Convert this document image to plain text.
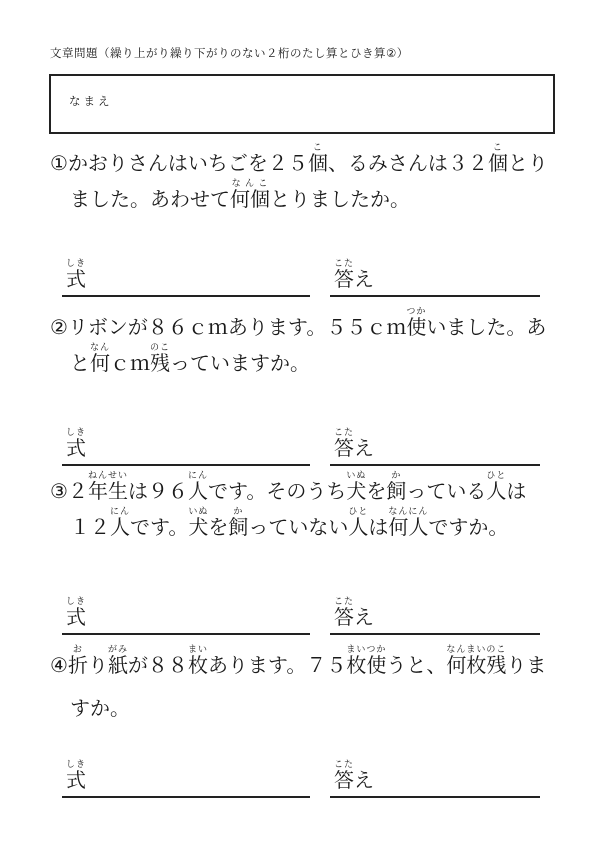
文章問題（繰り上がり繰り下がりのない２桁のたし算とひき算②）
なまえ
①かおりさんはいちごを２５個こ、るみさんは３２個ことり
ました。あわせて何個なんことりましたか。
式しき
答こたえ
②リボンが８６ｃｍあります。５５ｃｍ使つかいました。あ
と何なんｃｍ残のこっていますか。
式しき
答こたえ
③２年生ねんせいは９６人にんです。そのうち犬いぬを飼かっている人ひとは
１２人にんです。犬いぬを飼かっていない人ひとは何人なんにんですか。
式しき
答こたえ
④折おり紙がみが８８枚まいあります。７５枚使まいつかうと、何枚残なんまいのこりま
すか。
式しき
答こたえ
